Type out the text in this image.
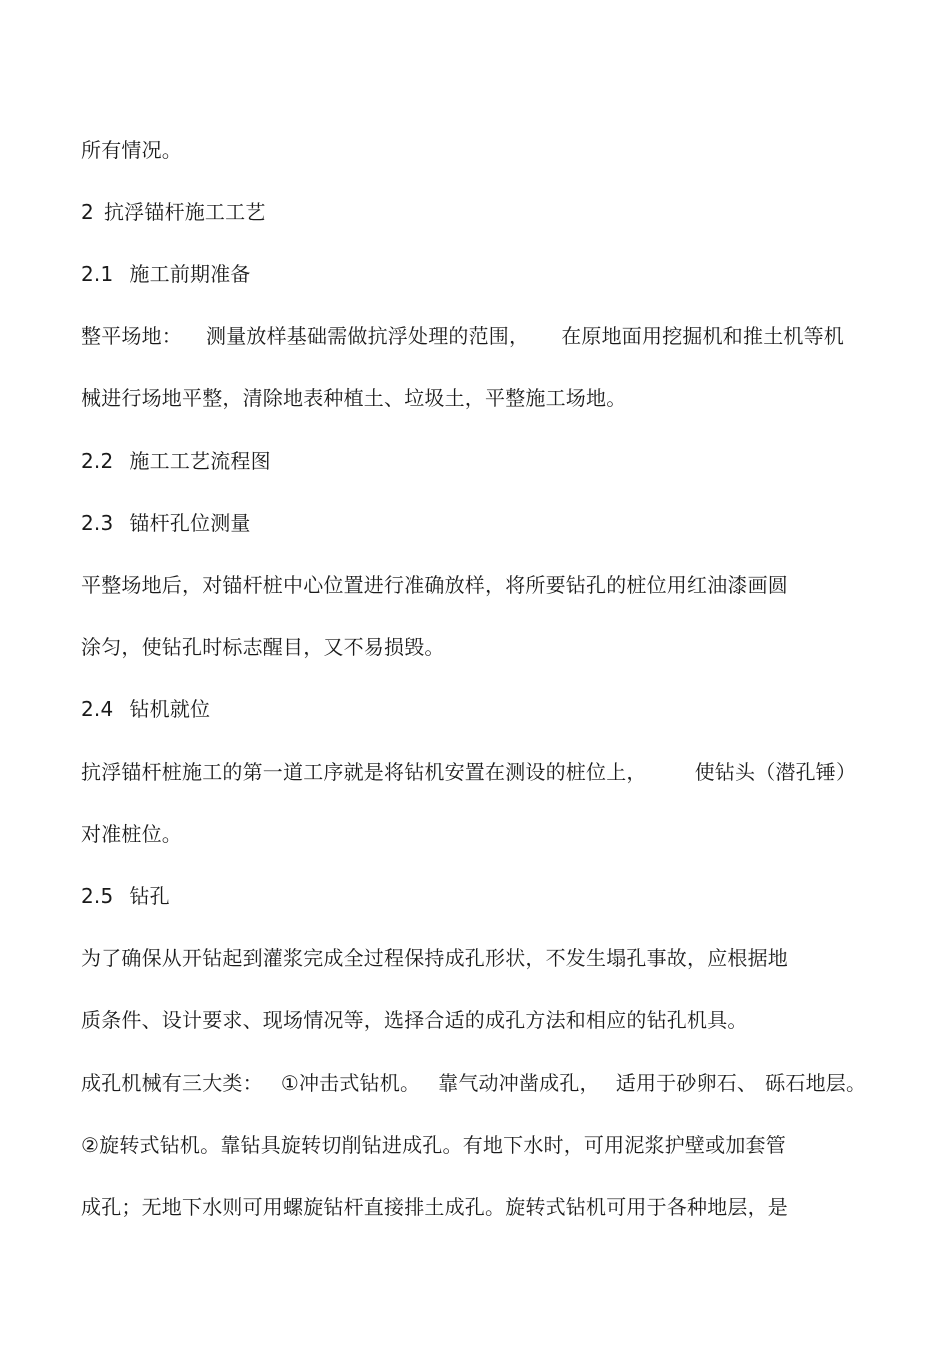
所有情况。
2 抗浮锚杆施工工艺
2.1 施工前期准备
整平场地： 测量放样基础需做抗浮处理的范围， 在原地面用挖掘机和推土机等机
械进行场地平整，清除地表种植土、垃圾土，平整施工场地。
2.2 施工工艺流程图
2.3 锚杆孔位测量
平整场地后，对锚杆桩中心位置进行准确放样，将所要钻孔的桩位用红油漆画圆
涂匀，使钻孔时标志醒目，又不易损毁。
2.4 钻机就位
抗浮锚杆桩施工的第一道工序就是将钻机安置在测设的桩位上， 使钻头（潜孔锤）
对准桩位。
2.5 钻孔
为了确保从开钻起到灌浆完成全过程保持成孔形状，不发生塌孔事故，应根据地
质条件、设计要求、现场情况等，选择合适的成孔方法和相应的钻孔机具。
成孔机械有三大类： ①冲击式钻机。 靠气动冲凿成孔， 适用于砂卵石、 砾石地层。
②旋转式钻机。靠钻具旋转切削钻进成孔。有地下水时，可用泥浆护壁或加套管
成孔；无地下水则可用螺旋钻杆直接排土成孔。旋转式钻机可用于各种地层，是
